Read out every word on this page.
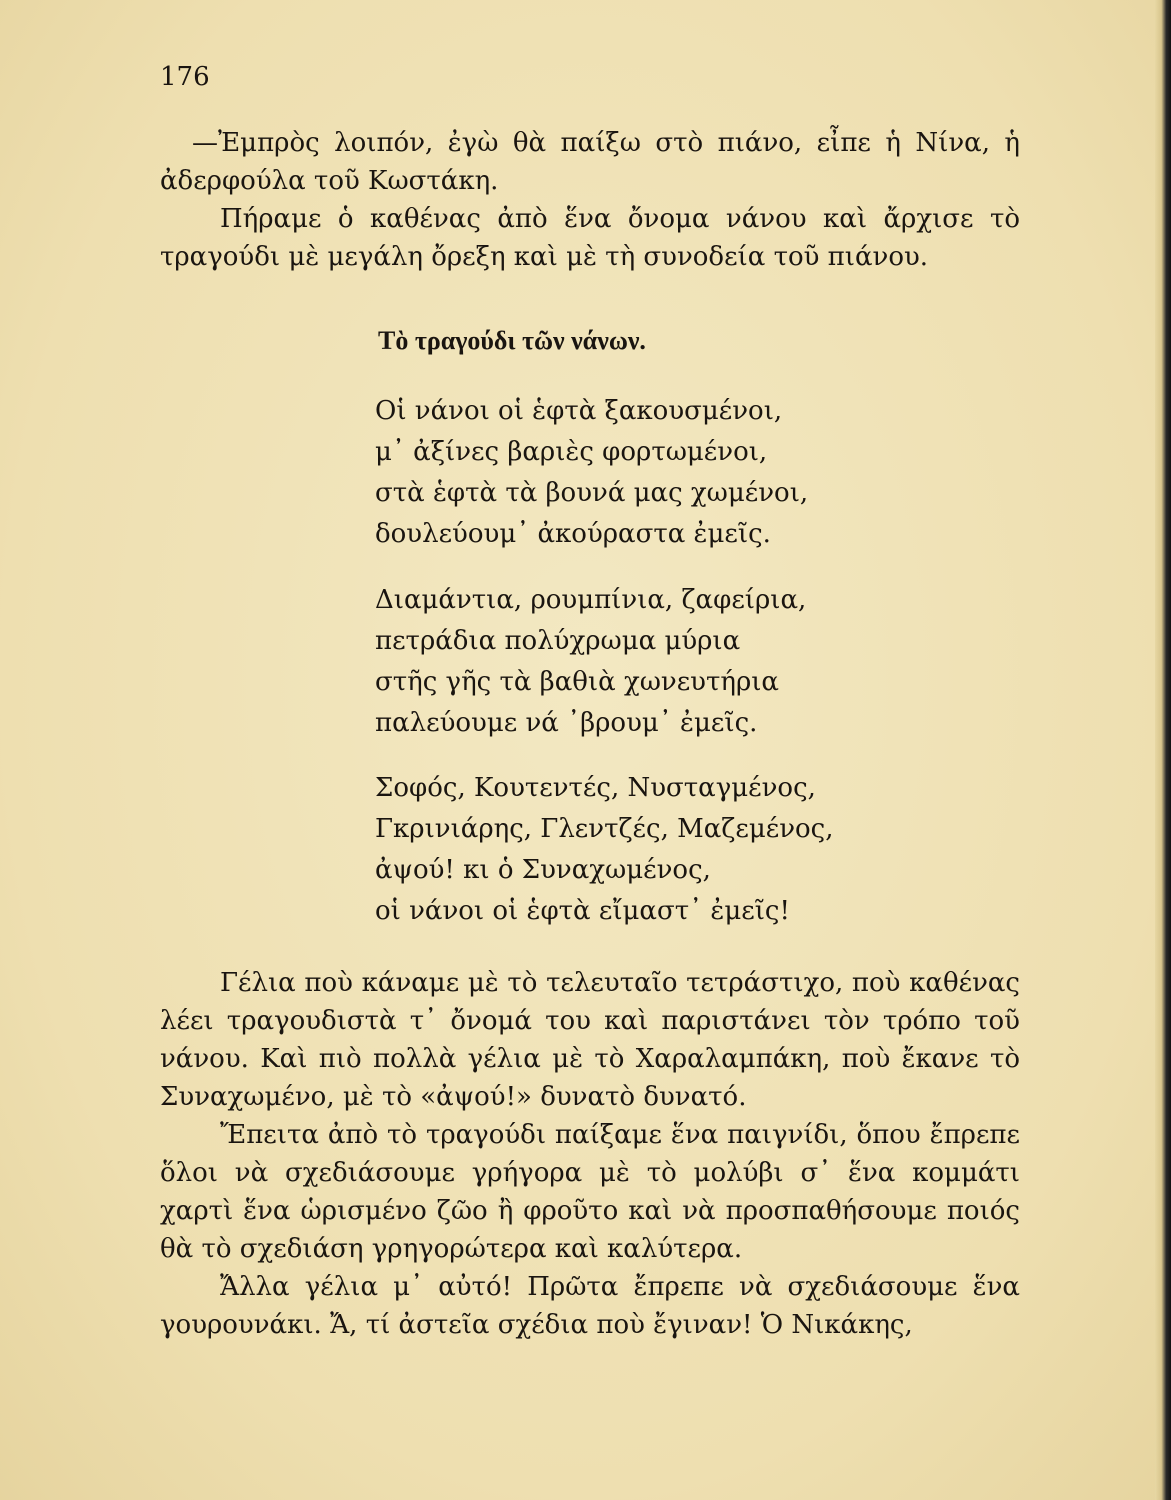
176

—Ἐμπρὸς λοιπόν, ἐγὼ θὰ παίξω στὸ πιάνο, εἶπε ἡ Νίνα, ἡ ἀδερφούλα τοῦ Κωστάκη.

Πήραμε ὁ καθένας ἀπὸ ἕνα ὄνομα νάνου καὶ ἄρχισε τὸ τραγούδι μὲ μεγάλη ὄρεξη καὶ μὲ τὴ συνοδεία τοῦ πιάνου.

Τὸ τραγούδι τῶν νάνων.
Οἱ νάνοι οἱ ἑφτὰ ξακουσμένοι,
μ᾽ ἀξίνες βαριὲς φορτωμένοι,
στὰ ἑφτὰ τὰ βουνά μας χωμένοι,
δουλεύουμ᾽ ἀκούραστα ἐμεῖς.
Διαμάντια, ρουμπίνια, ζαφείρια,
πετράδια πολύχρωμα μύρια
στῆς γῆς τὰ βαθιὰ χωνευτήρια
παλεύουμε νά ᾽βρουμ᾽ ἐμεῖς.
Σοφός, Κουτεντές, Νυσταγμένος,
Γκρινιάρης, Γλεντζές, Μαζεμένος,
ἀψού! κι ὁ Συναχωμένος,
οἱ νάνοι οἱ ἑφτὰ εἴμαστ᾽ ἐμεῖς!

Γέλια ποὺ κάναμε μὲ τὸ τελευταῖο τετράστιχο, ποὺ καθένας λέει τραγουδιστὰ τ᾽ ὄνομά του καὶ παριστάνει τὸν τρόπο τοῦ νάνου. Καὶ πιὸ πολλὰ γέλια μὲ τὸ Χαραλαμπάκη, ποὺ ἔκανε τὸ Συναχωμένο, μὲ τὸ «ἀψού!» δυνατὸ δυνατό.

Ἔπειτα ἀπὸ τὸ τραγούδι παίξαμε ἕνα παιγνίδι, ὅπου ἔπρεπε ὅλοι νὰ σχεδιάσουμε γρήγορα μὲ τὸ μολύβι σ᾽ ἕνα κομμάτι χαρτὶ ἕνα ὡρισμένο ζῶο ἢ φροῦτο καὶ νὰ προσπαθήσουμε ποιός θὰ τὸ σχεδιάση γρηγορώτερα καὶ καλύτερα.

Ἄλλα γέλια μ᾽ αὐτό! Πρῶτα ἔπρεπε νὰ σχεδιάσουμε ἕνα γουρουνάκι. Ἄ, τί ἀστεῖα σχέδια ποὺ ἔγιναν! Ὁ Νικάκης,
